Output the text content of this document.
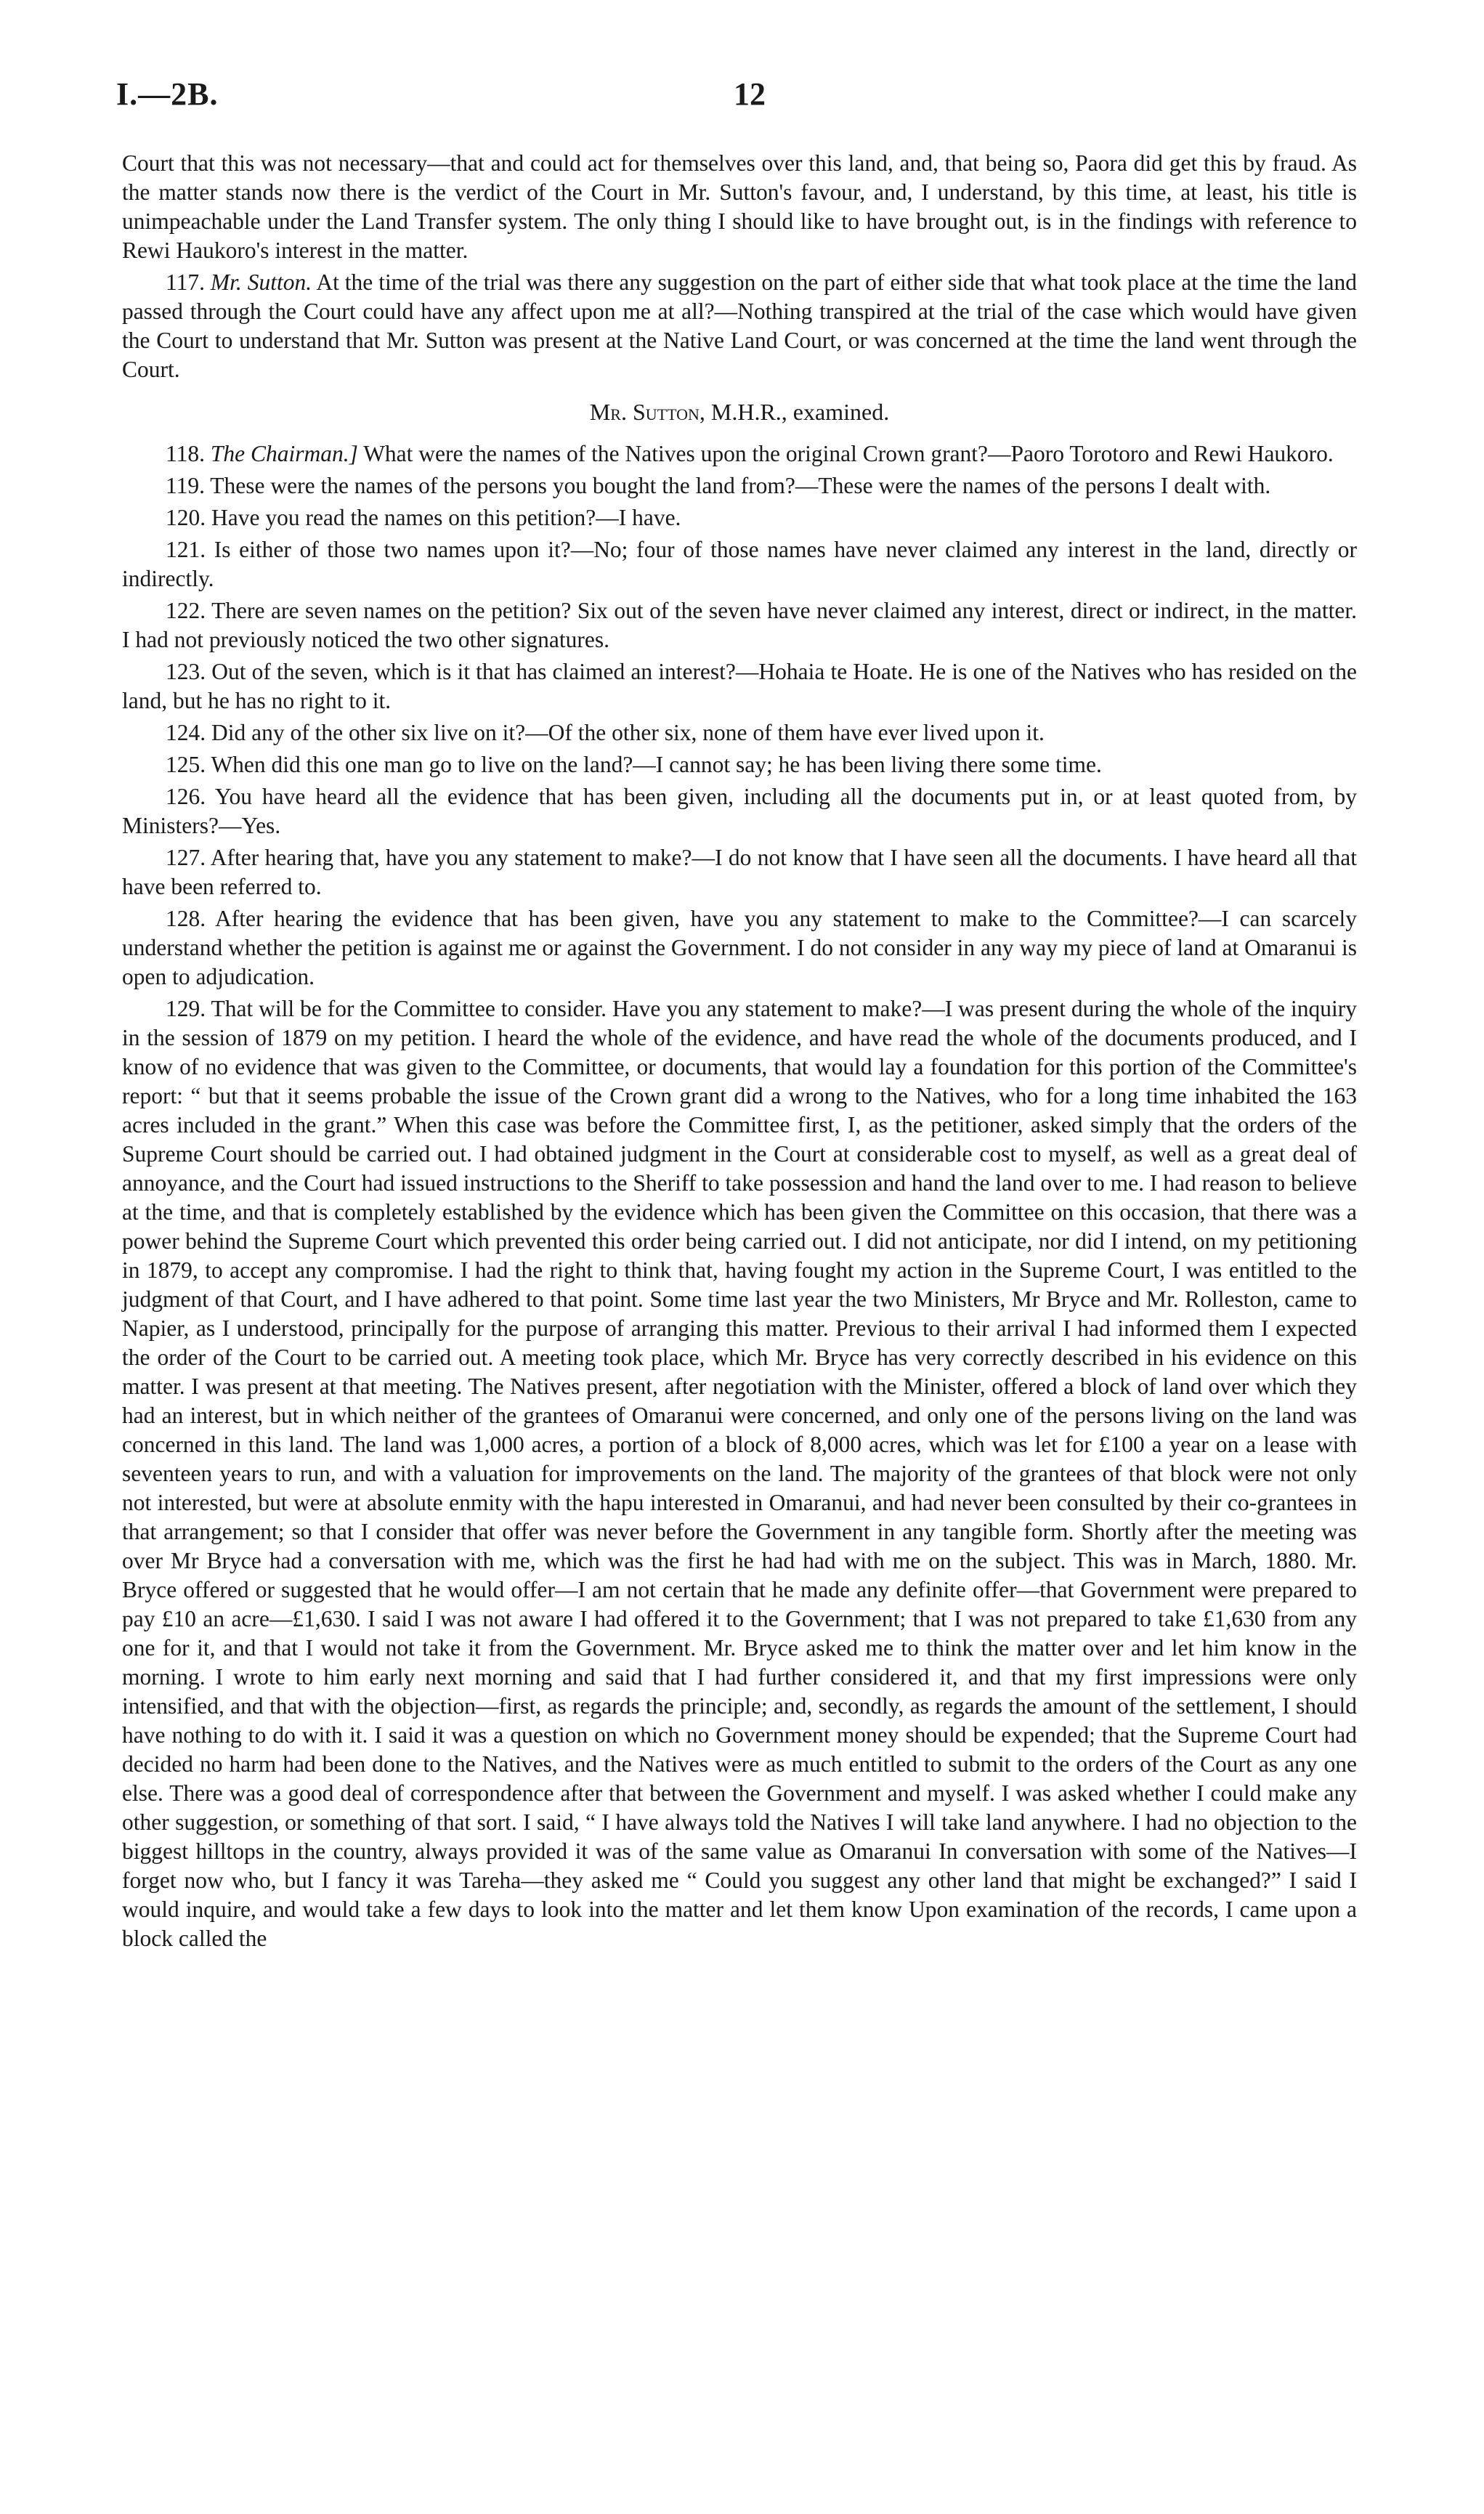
I.—2B.	12

Court that this was not necessary—that and could act for themselves over this land, and, that being so, Paora did get this by fraud. As the matter stands now there is the verdict of the Court in Mr. Sutton's favour, and, I understand, by this time, at least, his title is unimpeachable under the Land Transfer system. The only thing I should like to have brought out, is in the findings with reference to Rewi Haukoro's interest in the matter.

117. Mr. Sutton. At the time of the trial was there any suggestion on the part of either side that what took place at the time the land passed through the Court could have any affect upon me at all?—Nothing transpired at the trial of the case which would have given the Court to understand that Mr. Sutton was present at the Native Land Court, or was concerned at the time the land went through the Court.

Mr. Sutton, M.H.R., examined.

118. The Chairman.] What were the names of the Natives upon the original Crown grant?—Paoro Torotoro and Rewi Haukoro.

119. These were the names of the persons you bought the land from?—These were the names of the persons I dealt with.

120. Have you read the names on this petition?—I have.

121. Is either of those two names upon it?—No; four of those names have never claimed any interest in the land, directly or indirectly.

122. There are seven names on the petition? Six out of the seven have never claimed any interest, direct or indirect, in the matter. I had not previously noticed the two other signatures.

123. Out of the seven, which is it that has claimed an interest?—Hohaia te Hoate. He is one of the Natives who has resided on the land, but he has no right to it.

124. Did any of the other six live on it?—Of the other six, none of them have ever lived upon it.

125. When did this one man go to live on the land?—I cannot say; he has been living there some time.

126. You have heard all the evidence that has been given, including all the documents put in, or at least quoted from, by Ministers?—Yes.

127. After hearing that, have you any statement to make?—I do not know that I have seen all the documents. I have heard all that have been referred to.

128. After hearing the evidence that has been given, have you any statement to make to the Committee?—I can scarcely understand whether the petition is against me or against the Government. I do not consider in any way my piece of land at Omaranui is open to adjudication.

129. That will be for the Committee to consider. Have you any statement to make?—I was present during the whole of the inquiry in the session of 1879 on my petition. I heard the whole of the evidence, and have read the whole of the documents produced, and I know of no evidence that was given to the Committee, or documents, that would lay a foundation for this portion of the Committee's report: “ but that it seems probable the issue of the Crown grant did a wrong to the Natives, who for a long time inhabited the 163 acres included in the grant.” When this case was before the Committee first, I, as the petitioner, asked simply that the orders of the Supreme Court should be carried out. I had obtained judgment in the Court at considerable cost to myself, as well as a great deal of annoyance, and the Court had issued instructions to the Sheriff to take possession and hand the land over to me. I had reason to believe at the time, and that is completely established by the evidence which has been given the Committee on this occasion, that there was a power behind the Supreme Court which prevented this order being carried out. I did not anticipate, nor did I intend, on my petitioning in 1879, to accept any compromise. I had the right to think that, having fought my action in the Supreme Court, I was entitled to the judgment of that Court, and I have adhered to that point. Some time last year the two Ministers, Mr Bryce and Mr. Rolleston, came to Napier, as I understood, principally for the purpose of arranging this matter. Previous to their arrival I had informed them I expected the order of the Court to be carried out. A meeting took place, which Mr. Bryce has very correctly described in his evidence on this matter. I was present at that meeting. The Natives present, after negotiation with the Minister, offered a block of land over which they had an interest, but in which neither of the grantees of Omaranui were concerned, and only one of the persons living on the land was concerned in this land. The land was 1,000 acres, a portion of a block of 8,000 acres, which was let for £100 a year on a lease with seventeen years to run, and with a valuation for improvements on the land. The majority of the grantees of that block were not only not interested, but were at absolute enmity with the hapu interested in Omaranui, and had never been consulted by their co-grantees in that arrangement; so that I consider that offer was never before the Government in any tangible form. Shortly after the meeting was over Mr Bryce had a conversation with me, which was the first he had had with me on the subject. This was in March, 1880. Mr. Bryce offered or suggested that he would offer—I am not certain that he made any definite offer—that Government were prepared to pay £10 an acre—£1,630. I said I was not aware I had offered it to the Government; that I was not prepared to take £1,630 from any one for it, and that I would not take it from the Government. Mr. Bryce asked me to think the matter over and let him know in the morning. I wrote to him early next morning and said that I had further considered it, and that my first impressions were only intensified, and that with the objection—first, as regards the principle; and, secondly, as regards the amount of the settlement, I should have nothing to do with it. I said it was a question on which no Government money should be expended; that the Supreme Court had decided no harm had been done to the Natives, and the Natives were as much entitled to submit to the orders of the Court as any one else. There was a good deal of correspondence after that between the Government and myself. I was asked whether I could make any other suggestion, or something of that sort. I said, “ I have always told the Natives I will take land anywhere. I had no objection to the biggest hilltops in the country, always provided it was of the same value as Omaranui In conversation with some of the Natives—I forget now who, but I fancy it was Tareha—they asked me “ Could you suggest any other land that might be exchanged?” I said I would inquire, and would take a few days to look into the matter and let them know Upon examination of the records, I came upon a block called the
